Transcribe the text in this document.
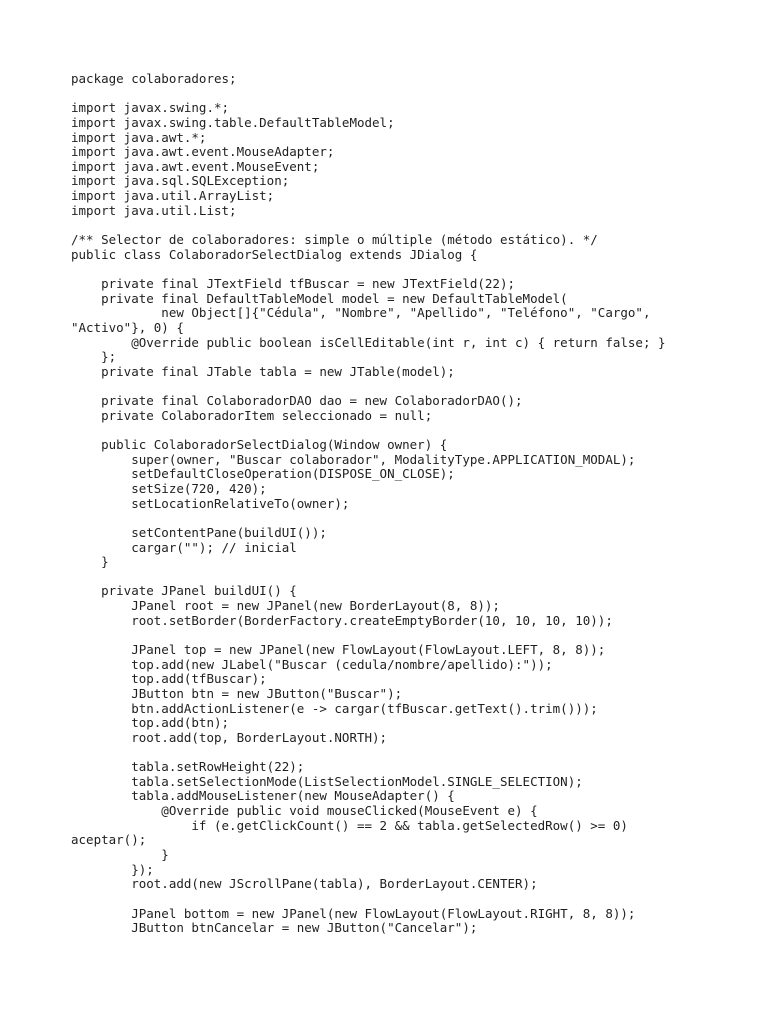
package colaboradores;
import javax.swing.*;
import javax.swing.table.DefaultTableModel;
import java.awt.*;
import java.awt.event.MouseAdapter;
import java.awt.event.MouseEvent;
import java.sql.SQLException;
import java.util.ArrayList;
import java.util.List;
/** Selector de colaboradores: simple o múltiple (método estático). */
public class ColaboradorSelectDialog extends JDialog {
private final JTextField tfBuscar = new JTextField(22);
private final DefaultTableModel model = new DefaultTableModel(
new Object[]{"Cédula", "Nombre", "Apellido", "Teléfono", "Cargo",
"Activo"}, 0) {
@Override public boolean isCellEditable(int r, int c) { return false; }
};
private final JTable tabla = new JTable(model);
private final ColaboradorDAO dao = new ColaboradorDAO();
private ColaboradorItem seleccionado = null;
public ColaboradorSelectDialog(Window owner) {
super(owner, "Buscar colaborador", ModalityType.APPLICATION_MODAL);
setDefaultCloseOperation(DISPOSE_ON_CLOSE);
setSize(720, 420);
setLocationRelativeTo(owner);
setContentPane(buildUI());
cargar(""); // inicial
}
private JPanel buildUI() {
JPanel root = new JPanel(new BorderLayout(8, 8));
root.setBorder(BorderFactory.createEmptyBorder(10, 10, 10, 10));
JPanel top = new JPanel(new FlowLayout(FlowLayout.LEFT, 8, 8));
top.add(new JLabel("Buscar (cedula/nombre/apellido):"));
top.add(tfBuscar);
JButton btn = new JButton("Buscar");
btn.addActionListener(e -> cargar(tfBuscar.getText().trim()));
top.add(btn);
root.add(top, BorderLayout.NORTH);
tabla.setRowHeight(22);
tabla.setSelectionMode(ListSelectionModel.SINGLE_SELECTION);
tabla.addMouseListener(new MouseAdapter() {
@Override public void mouseClicked(MouseEvent e) {
if (e.getClickCount() == 2 && tabla.getSelectedRow() >= 0)
aceptar();
}
});
root.add(new JScrollPane(tabla), BorderLayout.CENTER);
JPanel bottom = new JPanel(new FlowLayout(FlowLayout.RIGHT, 8, 8));
JButton btnCancelar = new JButton("Cancelar");
